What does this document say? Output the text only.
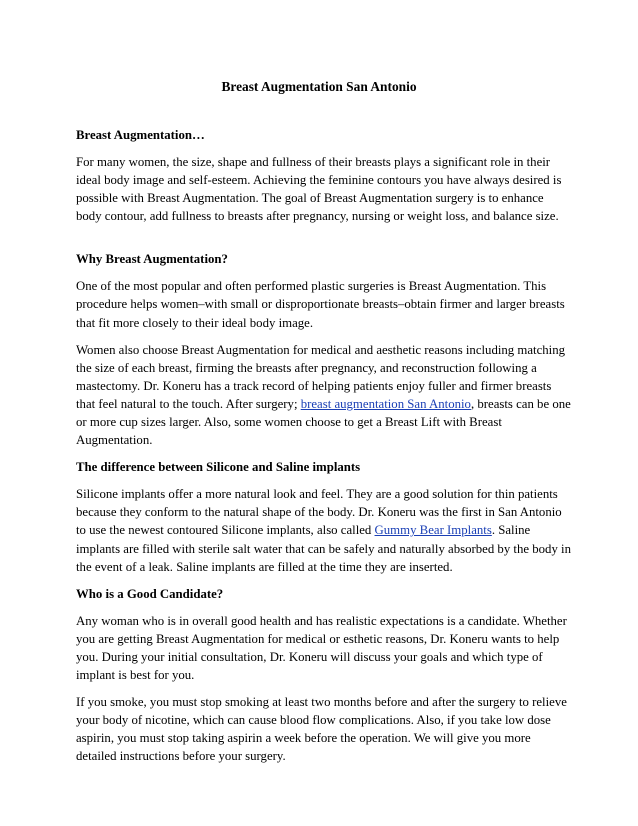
Breast Augmentation San Antonio
Breast Augmentation…

For many women, the size, shape and fullness of their breasts plays a significant role in their ideal body image and self-esteem. Achieving the feminine contours you have always desired is possible with Breast Augmentation. The goal of Breast Augmentation surgery is to enhance body contour, add fullness to breasts after pregnancy, nursing or weight loss, and balance size.

Why Breast Augmentation?

One of the most popular and often performed plastic surgeries is Breast Augmentation. This procedure helps women–with small or disproportionate breasts–obtain firmer and larger breasts that fit more closely to their ideal body image.

Women also choose Breast Augmentation for medical and aesthetic reasons including matching the size of each breast, firming the breasts after pregnancy, and reconstruction following a mastectomy. Dr. Koneru has a track record of helping patients enjoy fuller and firmer breasts that feel natural to the touch. After surgery; breast augmentation San Antonio, breasts can be one or more cup sizes larger. Also, some women choose to get a Breast Lift with Breast Augmentation.

The difference between Silicone and Saline implants

Silicone implants offer a more natural look and feel. They are a good solution for thin patients because they conform to the natural shape of the body. Dr. Koneru was the first in San Antonio to use the newest contoured Silicone implants, also called Gummy Bear Implants. Saline implants are filled with sterile salt water that can be safely and naturally absorbed by the body in the event of a leak. Saline implants are filled at the time they are inserted.

Who is a Good Candidate?

Any woman who is in overall good health and has realistic expectations is a candidate. Whether you are getting Breast Augmentation for medical or esthetic reasons, Dr. Koneru wants to help you. During your initial consultation, Dr. Koneru will discuss your goals and which type of implant is best for you.

If you smoke, you must stop smoking at least two months before and after the surgery to relieve your body of nicotine, which can cause blood flow complications. Also, if you take low dose aspirin, you must stop taking aspirin a week before the operation. We will give you more detailed instructions before your surgery.
